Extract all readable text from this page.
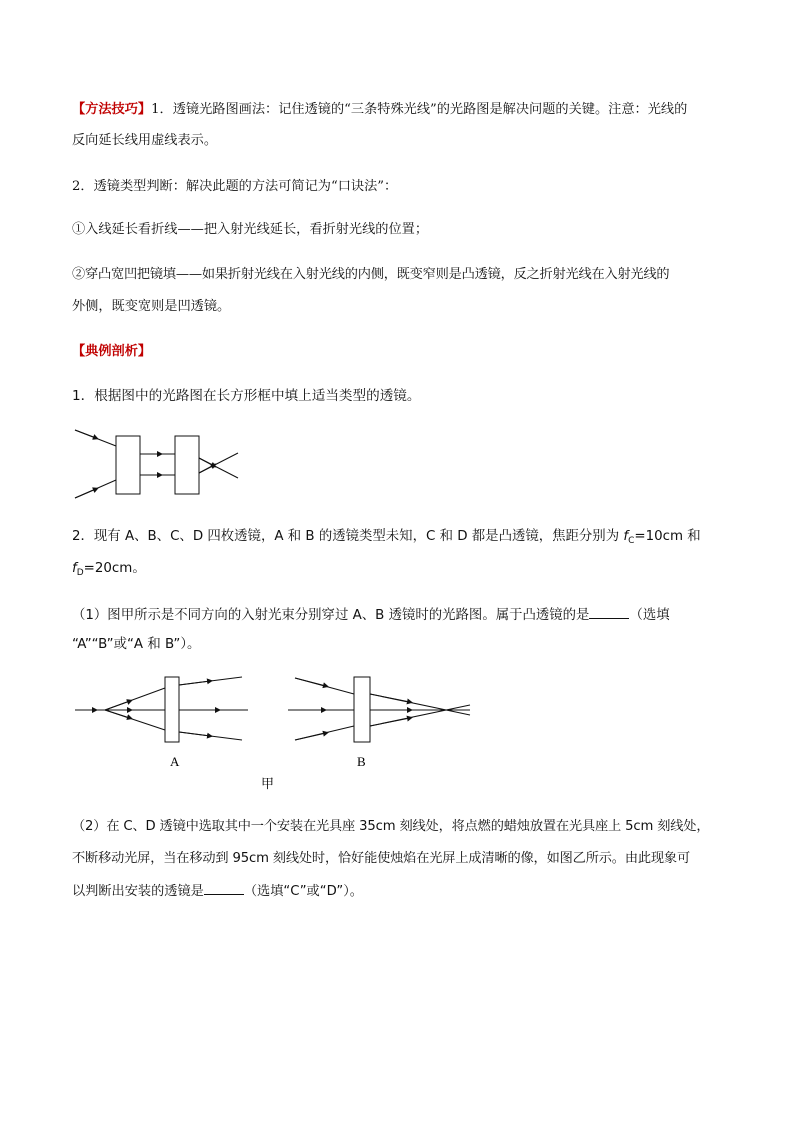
【方法技巧】1．透镜光路图画法：记住透镜的“三条特殊光线”的光路图是解决问题的关键。注意：光线的
反向延长线用虚线表示。
2．透镜类型判断：解决此题的方法可简记为“口诀法”：
①入线延长看折线——把入射光线延长，看折射光线的位置；
②穿凸宽凹把镜填——如果折射光线在入射光线的内侧，既变窄则是凸透镜，反之折射光线在入射光线的
外侧，既变宽则是凹透镜。
【典例剖析】
1．根据图中的光路图在长方形框中填上适当类型的透镜。
2．现有 A、B、C、D 四枚透镜，A 和 B 的透镜类型未知，C 和 D 都是凸透镜，焦距分别为 $f_C=10cm$ 和
$f_D=20cm$。
（1）图甲所示是不同方向的入射光束分别穿过 A、B 透镜时的光路图。属于凸透镜的是	（选填
“A”“B”或“A 和 B”）。
A	B
甲
（2）在 C、D 透镜中选取其中一个安装在光具座 35cm 刻线处，将点燃的蜡烛放置在光具座上 5cm 刻线处，
不断移动光屏，当在移动到 95cm 刻线处时，恰好能使烛焰在光屏上成清晰的像，如图乙所示。由此现象可
以判断出安装的透镜是	（选填“C”或“D”）。
